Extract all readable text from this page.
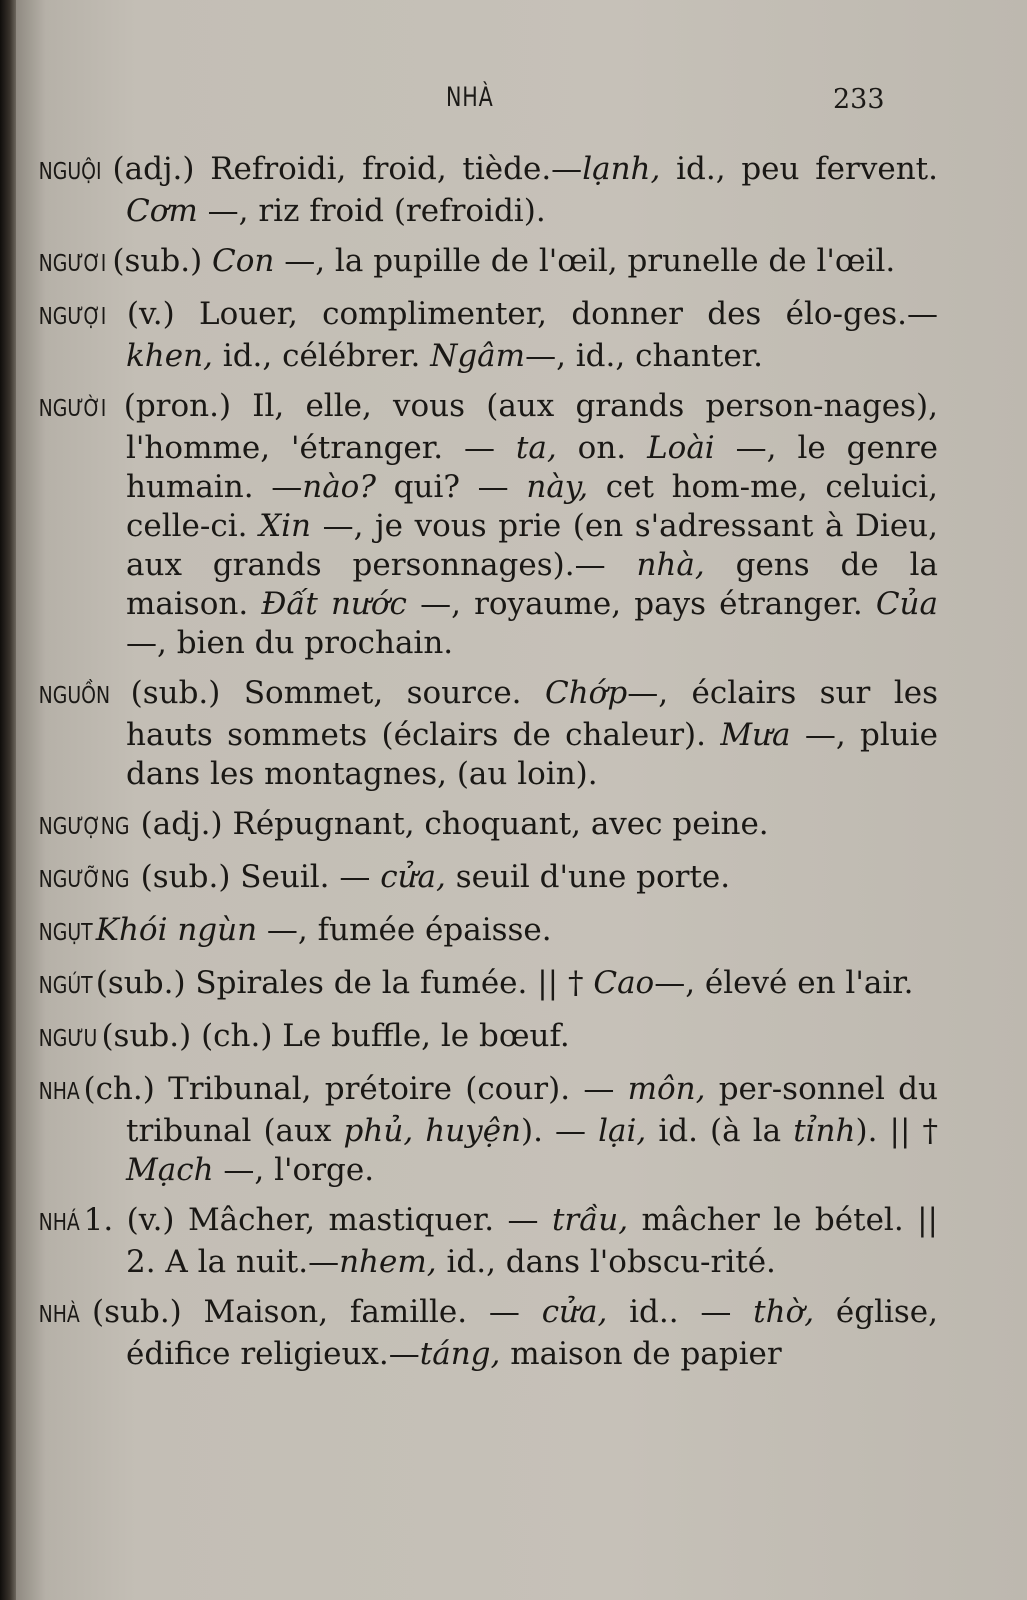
NHÀ	233
NGUỘI (adj.) Refroidi, froid, tiède.—lạnh, id., peu fervent. Cơm —, riz froid (refroidi).
NGƯƠI (sub.) Con —, la pupille de l'œil, prunelle de l'œil.
NGƯỢI (v.) Louer, complimenter, donner des élo-ges.—khen, id., célébrer. Ngâm—, id., chanter.
NGƯỜI (pron.) Il, elle, vous (aux grands person-nages), l'homme, 'étranger. — ta, on. Loài —, le genre humain. —nào? qui? — này, cet hom-me, celuici, celle-ci. Xin —, je vous prie (en s'adressant à Dieu, aux grands personnages).— nhà, gens de la maison. Đất nước —, royaume, pays étranger. Của —, bien du prochain.
NGUỒN (sub.) Sommet, source. Chớp—, éclairs sur les hauts sommets (éclairs de chaleur). Mưa —, pluie dans les montagnes, (au loin).
NGƯỢNG (adj.) Répugnant, choquant, avec peine.
NGƯỠNG (sub.) Seuil. — cửa, seuil d'une porte.
NGỤT Khói ngùn —, fumée épaisse.
NGÚT (sub.) Spirales de la fumée. || † Cao—, élevé en l'air.
NGƯU (sub.) (ch.) Le buffle, le bœuf.
NHA (ch.) Tribunal, prétoire (cour). — môn, per-sonnel du tribunal (aux phủ, huyện). — lại, id. (à la tỉnh). || † Mạch —, l'orge.
NHÁ 1. (v.) Mâcher, mastiquer. — trầu, mâcher le bétel. || 2. A la nuit.—nhem, id., dans l'obscu-rité.
NHÀ (sub.) Maison, famille. — cửa, id.. — thờ, église, édifice religieux.—táng, maison de papier
